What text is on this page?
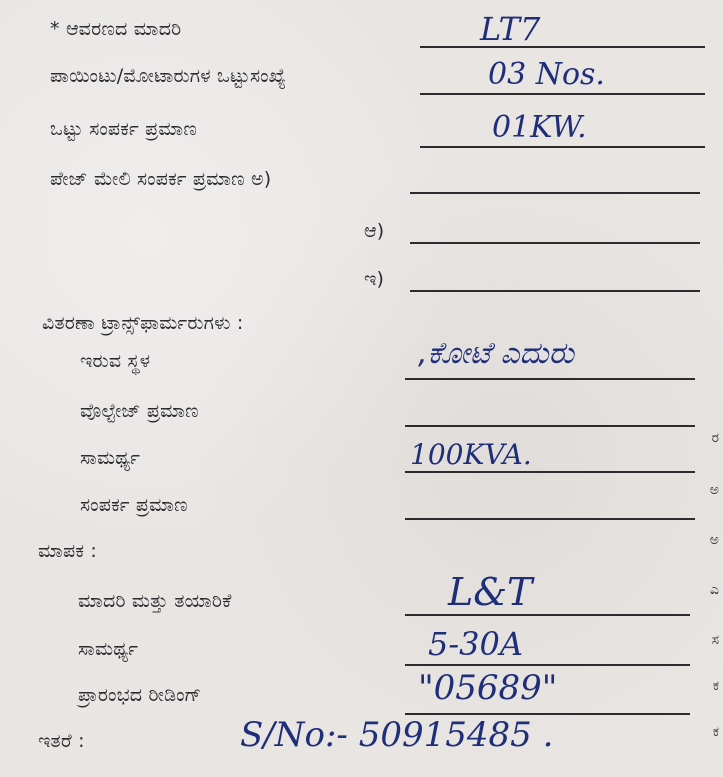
* ಆವರಣದ ಮಾದರಿ	LT7
ಪಾಯಿಂಟು/ಮೋಟಾರುಗಳ ಒಟ್ಟುಸಂಖ್ಯೆ	03 Nos.
ಒಟ್ಟು ಸಂಪರ್ಕ ಪ್ರಮಾಣ	01KW.
ಪೇಜ್ ಮೇಲಿ ಸಂಪರ್ಕ ಪ್ರಮಾಣ ಅ)
ಆ)
ಇ)
ವಿತರಣಾ ಟ್ರಾನ್ಸ್‌ಫಾರ್ಮರುಗಳು :
ಇರುವ ಸ್ಥಳ	,ಕೋಟೆ ಎದುರು
ವೊಲ್ಟೇಜ್ ಪ್ರಮಾಣ
ಸಾಮರ್ಥ್ಯ	100KVA.
ಸಂಪರ್ಕ ಪ್ರಮಾಣ
ಮಾಪಕ :
ಮಾದರಿ ಮತ್ತು ತಯಾರಿಕೆ	L&T
ಸಾಮರ್ಥ್ಯ	5-30A
ಪ್ರಾರಂಭದ ರೀಡಿಂಗ್	"05689"
ಇತರೆ :	S/No:- 50915485 .
ರ
ಅ
ಅ
ಎ
ಸ
ಕ
ಕ
